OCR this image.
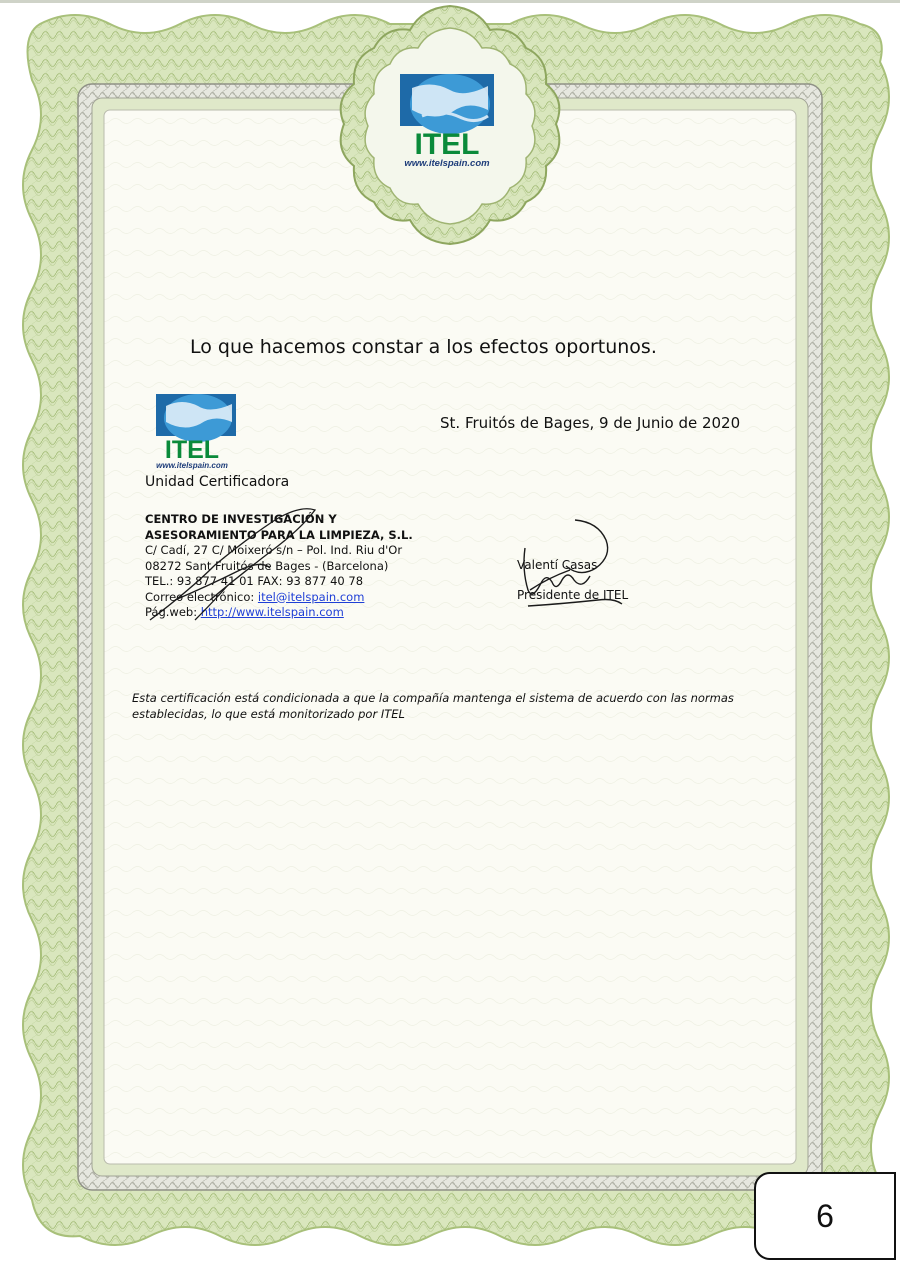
ITEL
www.itelspain.com
Lo que hacemos constar a los efectos oportunos.
ITEL
www.itelspain.com
St. Fruitós de Bages, 9 de Junio de 2020
Unidad Certificadora
CENTRO DE INVESTIGACIÓN Y
ASESORAMIENTO PARA LA LIMPIEZA, S.L.
C/ Cadí, 27 C/ Moixeró s/n – Pol. Ind. Riu d'Or
08272 Sant Fruitós de Bages - (Barcelona)
TEL.: 93 877 41 01 FAX: 93 877 40 78
Correo electrónico: itel@itelspain.com
Pág.web: http://www.itelspain.com
Valentí Casas
Presidente de ITEL
Esta certificación está condicionada a que la compañía mantenga el sistema de acuerdo con las normas establecidas, lo que está monitorizado por ITEL
6
